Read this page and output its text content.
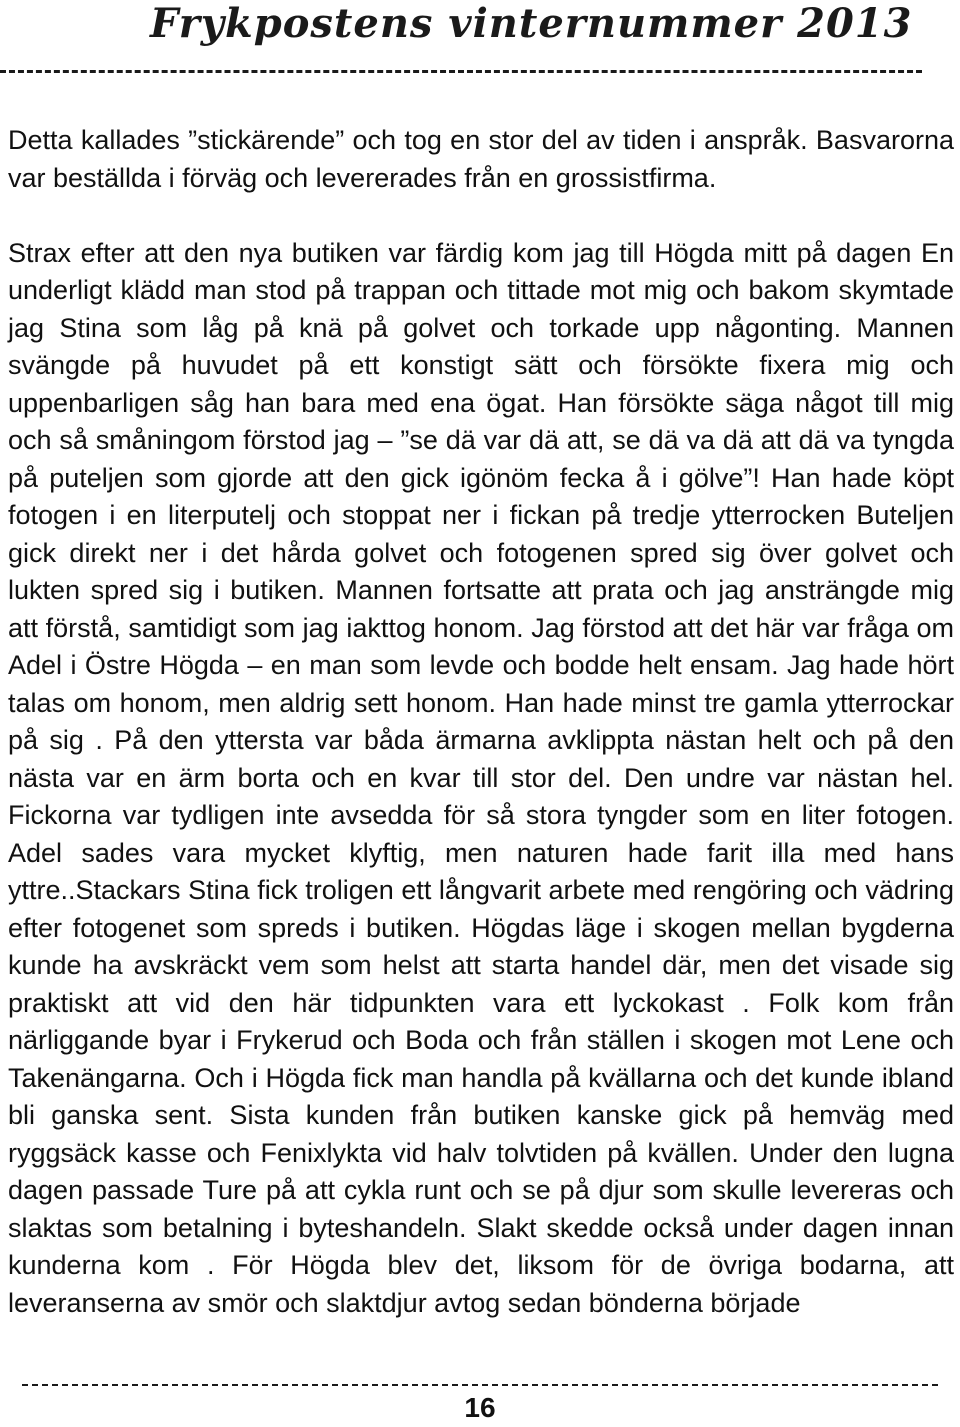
Frykpostens vinternummer 2013

Detta kallades ”stickärende” och tog en stor del av tiden i anspråk. Basvarorna var beställda i förväg och levererades från en grossistfirma.

Strax efter att den nya butiken var färdig kom jag till Högda mitt på dagen En underligt klädd man stod på trappan och tittade mot mig och bakom skymtade jag Stina som låg på knä på golvet och torkade upp någonting. Mannen svängde på huvudet på ett konstigt sätt och försökte fixera mig och uppenbarligen såg han bara med ena ögat. Han försökte säga något till mig och så småningom förstod jag – ”se dä var dä att, se dä va dä att dä va tyngda på puteljen som gjorde att den gick igönöm fecka å i gölve”! Han hade köpt fotogen i en literputelj och stoppat ner i fickan på tredje ytterrocken Buteljen gick direkt ner i det hårda golvet och fotogenen spred sig över golvet och lukten spred sig i butiken. Mannen fortsatte att prata och jag ansträngde mig att förstå, samtidigt som jag iakttog honom. Jag förstod att det här var fråga om Adel i Östre Högda – en man som levde och bodde helt ensam. Jag hade hört talas om honom, men aldrig sett honom. Han hade minst tre gamla ytterrockar på sig . På den yttersta var båda ärmarna avklippta nästan helt och på den nästa var en ärm borta och en kvar till stor del. Den undre var nästan hel. Fickorna var tydligen inte avsedda för så stora tyngder som en liter fotogen. Adel sades vara mycket klyftig, men naturen hade farit illa med hans yttre..Stackars Stina fick troligen ett långvarit arbete med rengöring och vädring efter fotogenet som spreds i butiken. Högdas läge i skogen mellan bygderna kunde ha avskräckt vem som helst att starta handel där, men det visade sig praktiskt att vid den här tidpunkten vara ett lyckokast . Folk kom från närliggande byar i Frykerud och Boda och från ställen i skogen mot Lene och Takenängarna. Och i Högda fick man handla på kvällarna och det kunde ibland bli ganska sent. Sista kunden från butiken kanske gick på hemväg med ryggsäck kasse och Fenixlykta vid halv tolvtiden på kvällen. Under den lugna dagen passade Ture på att cykla runt och se på djur som skulle levereras och slaktas som betalning i byteshandeln. Slakt skedde också under dagen innan kunderna kom . För Högda blev det, liksom för de övriga bodarna, att leveranserna av smör och slaktdjur avtog sedan bönderna började

16
